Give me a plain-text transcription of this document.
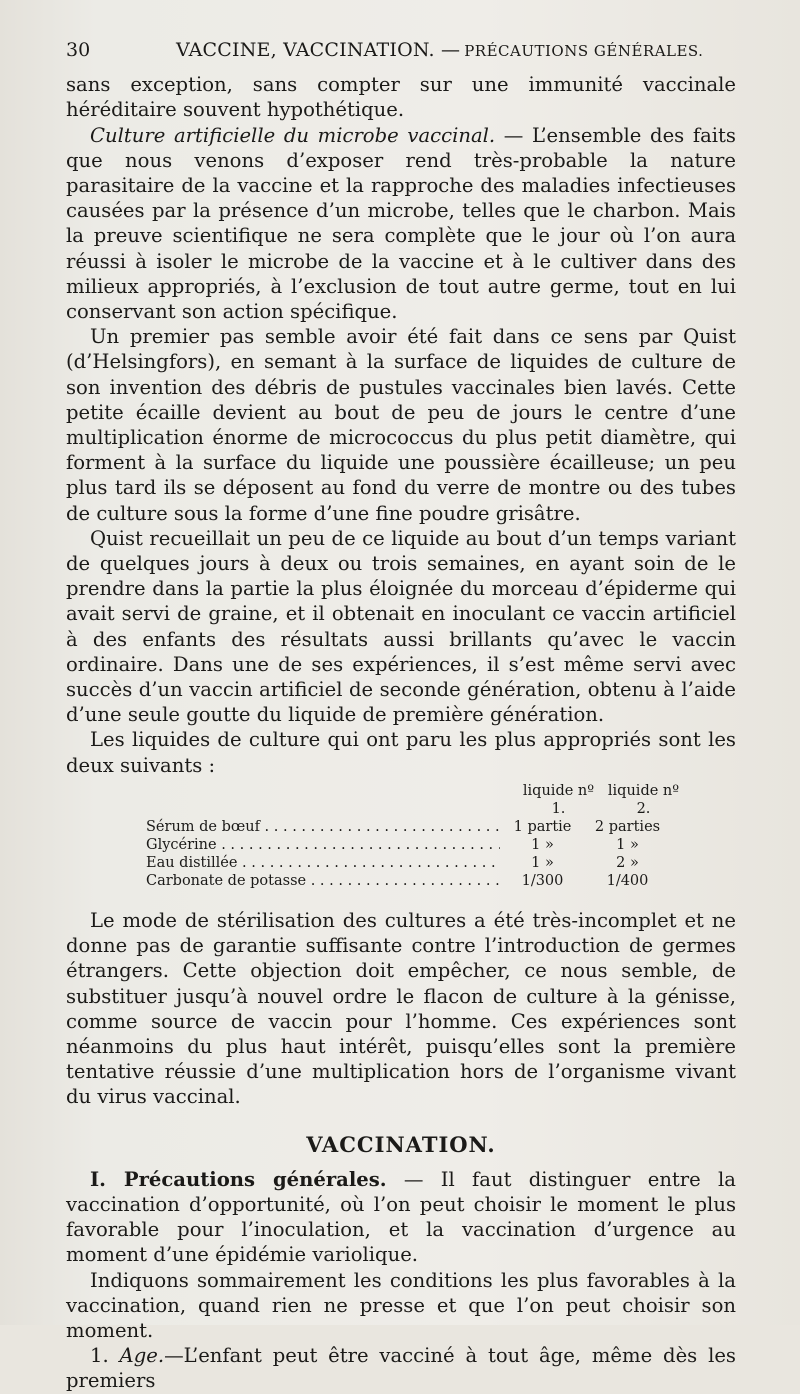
30	VACCINE, VACCINATION. — PRÉCAUTIONS GÉNÉRALES.

sans exception, sans compter sur une immunité vaccinale héréditaire souvent hypothétique.

Culture artificielle du microbe vaccinal. — L’ensemble des faits que nous venons d’exposer rend très-probable la nature parasitaire de la vaccine et la rapproche des maladies infectieuses causées par la présence d’un microbe, telles que le charbon. Mais la preuve scientifique ne sera complète que le jour où l’on aura réussi à isoler le microbe de la vaccine et à le cultiver dans des milieux appropriés, à l’exclusion de tout autre germe, tout en lui conservant son action spécifique.

Un premier pas semble avoir été fait dans ce sens par Quist (d’Helsingfors), en semant à la surface de liquides de culture de son invention des débris de pustules vaccinales bien lavés. Cette petite écaille devient au bout de peu de jours le centre d’une multiplication énorme de micrococcus du plus petit diamètre, qui forment à la surface du liquide une poussière écailleuse; un peu plus tard ils se déposent au fond du verre de montre ou des tubes de culture sous la forme d’une fine poudre grisâtre.

Quist recueillait un peu de ce liquide au bout d’un temps variant de quelques jours à deux ou trois semaines, en ayant soin de le prendre dans la partie la plus éloignée du morceau d’épiderme qui avait servi de graine, et il obtenait en inoculant ce vaccin artificiel à des enfants des résultats aussi brillants qu’avec le vaccin ordinaire. Dans une de ses expériences, il s’est même servi avec succès d’un vaccin artificiel de seconde génération, obtenu à l’aide d’une seule goutte du liquide de première génération.

Les liquides de culture qui ont paru les plus appropriés sont les deux suivants :

liquide nº 1.
liquide nº 2.
Sérum de bœuf . . .	1 partie	2 parties
Glycérine . . .	1 »	1 »
Eau distillée . . .	1 »	2 »
Carbonate de potasse . . .	1/300	1/400

Le mode de stérilisation des cultures a été très-incomplet et ne donne pas de garantie suffisante contre l’introduction de germes étrangers. Cette objection doit empêcher, ce nous semble, de substituer jusqu’à nouvel ordre le flacon de culture à la génisse, comme source de vaccin pour l’homme. Ces expériences sont néanmoins du plus haut intérêt, puisqu’elles sont la première tentative réussie d’une multiplication hors de l’organisme vivant du virus vaccinal.

VACCINATION.

I. Précautions générales. — Il faut distinguer entre la vaccination d’opportunité, où l’on peut choisir le moment le plus favorable pour l’inoculation, et la vaccination d’urgence au moment d’une épidémie variolique.

Indiquons sommairement les conditions les plus favorables à la vaccination, quand rien ne presse et que l’on peut choisir son moment.

1. Age.—L’enfant peut être vacciné à tout âge, même dès les premiers
